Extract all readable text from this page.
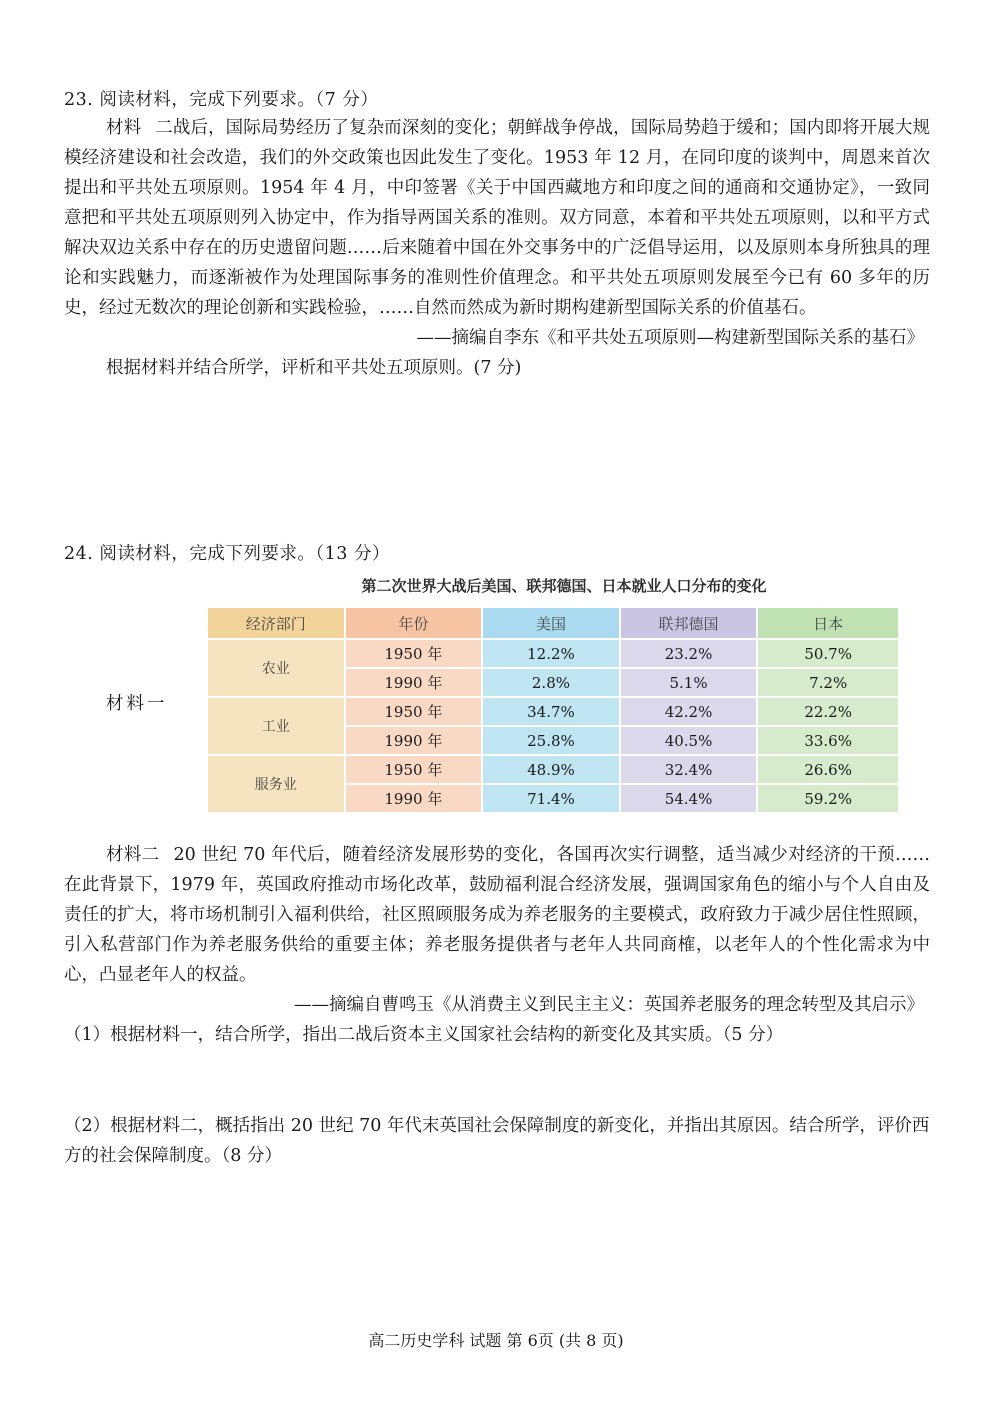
23. 阅读材料，完成下列要求。（7 分）

材料 二战后，国际局势经历了复杂而深刻的变化；朝鲜战争停战，国际局势趋于缓和；国内即将开展大规模经济建设和社会改造，我们的外交政策也因此发生了变化。1953 年 12 月，在同印度的谈判中，周恩来首次提出和平共处五项原则。1954 年 4 月，中印签署《关于中国西藏地方和印度之间的通商和交通协定》，一致同意把和平共处五项原则列入协定中，作为指导两国关系的准则。双方同意，本着和平共处五项原则，以和平方式解决双边关系中存在的历史遗留问题……后来随着中国在外交事务中的广泛倡导运用，以及原则本身所独具的理论和实践魅力，而逐渐被作为处理国际事务的准则性价值理念。和平共处五项原则发展至今已有 60 多年的历史，经过无数次的理论创新和实践检验，……自然而然成为新时期构建新型国际关系的价值基石。

——摘编自李东《和平共处五项原则—构建新型国际关系的基石》

根据材料并结合所学，评析和平共处五项原则。(7 分)

24. 阅读材料，完成下列要求。（13 分）
材料一
第二次世界大战后美国、联邦德国、日本就业人口分布的变化
经济部门	年份	美国	联邦德国	日本
农业	1950 年	12.2%	23.2%	50.7%
	1990 年	2.8%	5.1%	7.2%
工业	1950 年	34.7%	42.2%	22.2%
	1990 年	25.8%	40.5%	33.6%
服务业	1950 年	48.9%	32.4%	26.6%
	1990 年	71.4%	54.4%	59.2%

材料二 20 世纪 70 年代后，随着经济发展形势的变化，各国再次实行调整，适当减少对经济的干预……在此背景下，1979 年，英国政府推动市场化改革，鼓励福利混合经济发展，强调国家角色的缩小与个人自由及责任的扩大，将市场机制引入福利供给，社区照顾服务成为养老服务的主要模式，政府致力于减少居住性照顾，引入私营部门作为养老服务供给的重要主体；养老服务提供者与老年人共同商榷，以老年人的个性化需求为中心，凸显老年人的权益。

——摘编自曹鸣玉《从消费主义到民主主义：英国养老服务的理念转型及其启示》

（1）根据材料一，结合所学，指出二战后资本主义国家社会结构的新变化及其实质。（5 分）

（2）根据材料二，概括指出 20 世纪 70 年代末英国社会保障制度的新变化，并指出其原因。结合所学，评价西方的社会保障制度。（8 分）

高二历史学科 试题 第 6页 (共 8 页)
